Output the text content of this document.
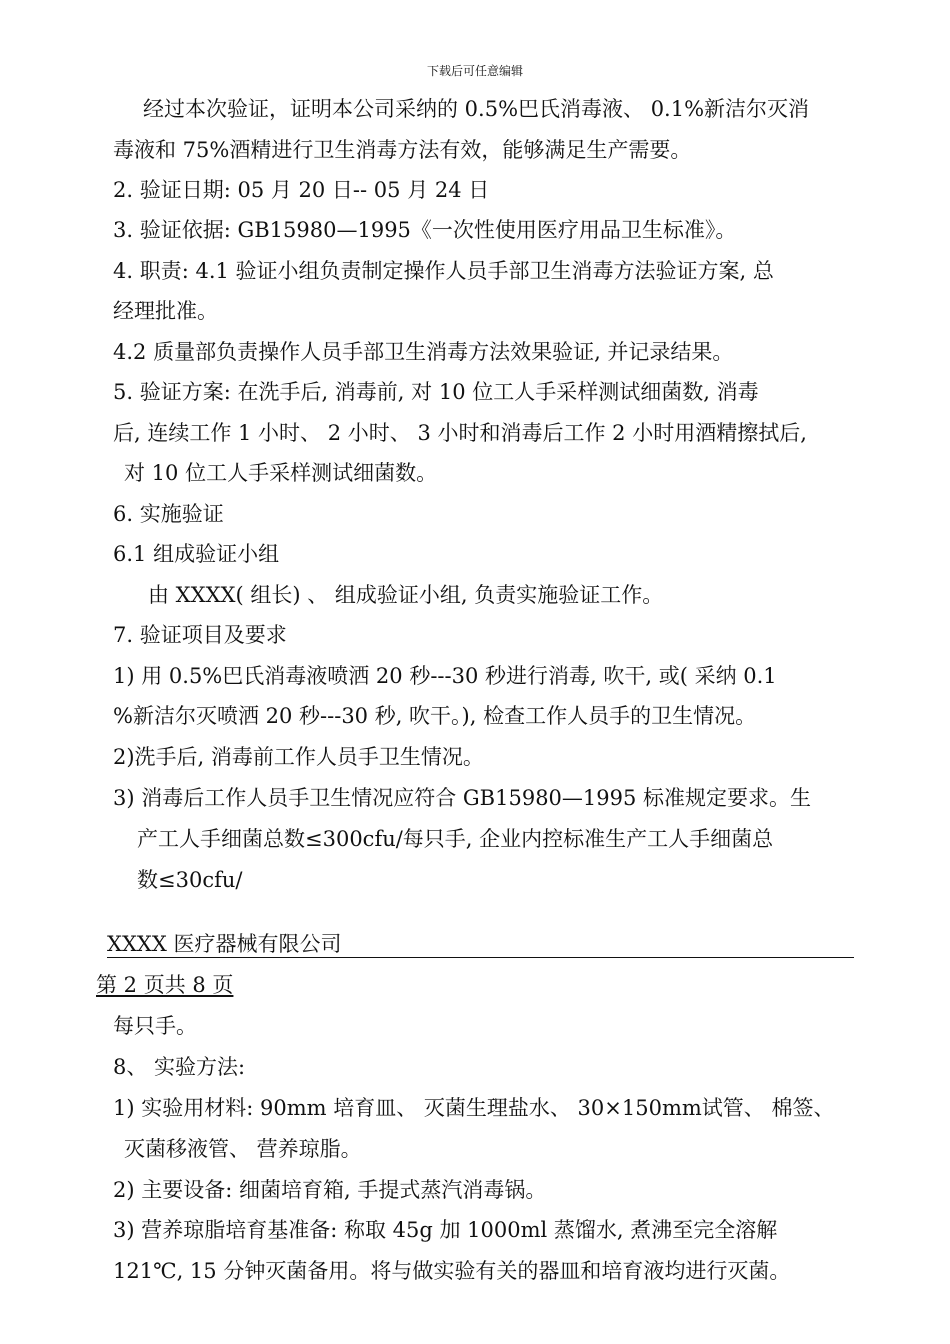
下载后可任意编辑
经过本次验证，证明本公司采纳的 0.5%巴氏消毒液、 0.1%新洁尔灭消
毒液和 75%酒精进行卫生消毒方法有效，能够满足生产需要。
2. 验证日期: 05 月 20 日-- 05 月 24 日
3. 验证依据: GB15980—1995《一次性使用医疗用品卫生标准》。
4. 职责: 4.1 验证小组负责制定操作人员手部卫生消毒方法验证方案, 总
经理批准。
4.2 质量部负责操作人员手部卫生消毒方法效果验证, 并记录结果。
5. 验证方案: 在洗手后, 消毒前, 对 10 位工人手采样测试细菌数, 消毒
后, 连续工作 1 小时、 2 小时、 3 小时和消毒后工作 2 小时用酒精擦拭后,
对 10 位工人手采样测试细菌数。
6. 实施验证
6.1 组成验证小组
由 XXXX( 组长) 、 组成验证小组, 负责实施验证工作。
7. 验证项目及要求
1) 用 0.5%巴氏消毒液喷洒 20 秒---30 秒进行消毒, 吹干, 或( 采纳 0.1
%新洁尔灭喷洒 20 秒---30 秒, 吹干。), 检查工作人员手的卫生情况。
2)洗手后, 消毒前工作人员手卫生情况。
3) 消毒后工作人员手卫生情况应符合 GB15980—1995 标准规定要求。生
产工人手细菌总数≤300cfu/每只手, 企业内控标准生产工人手细菌总
数≤30cfu/
XXXX 医疗器械有限公司
第 2 页共 8 页
每只手。
8、 实验方法:
1) 实验用材料: 90mm 培育皿、 灭菌生理盐水、 30×150mm试管、 棉签、
灭菌移液管、 营养琼脂。
2) 主要设备: 细菌培育箱, 手提式蒸汽消毒锅。
3) 营养琼脂培育基准备: 称取 45g 加 1000ml 蒸馏水, 煮沸至完全溶解
121℃, 15 分钟灭菌备用。将与做实验有关的器皿和培育液均进行灭菌。
